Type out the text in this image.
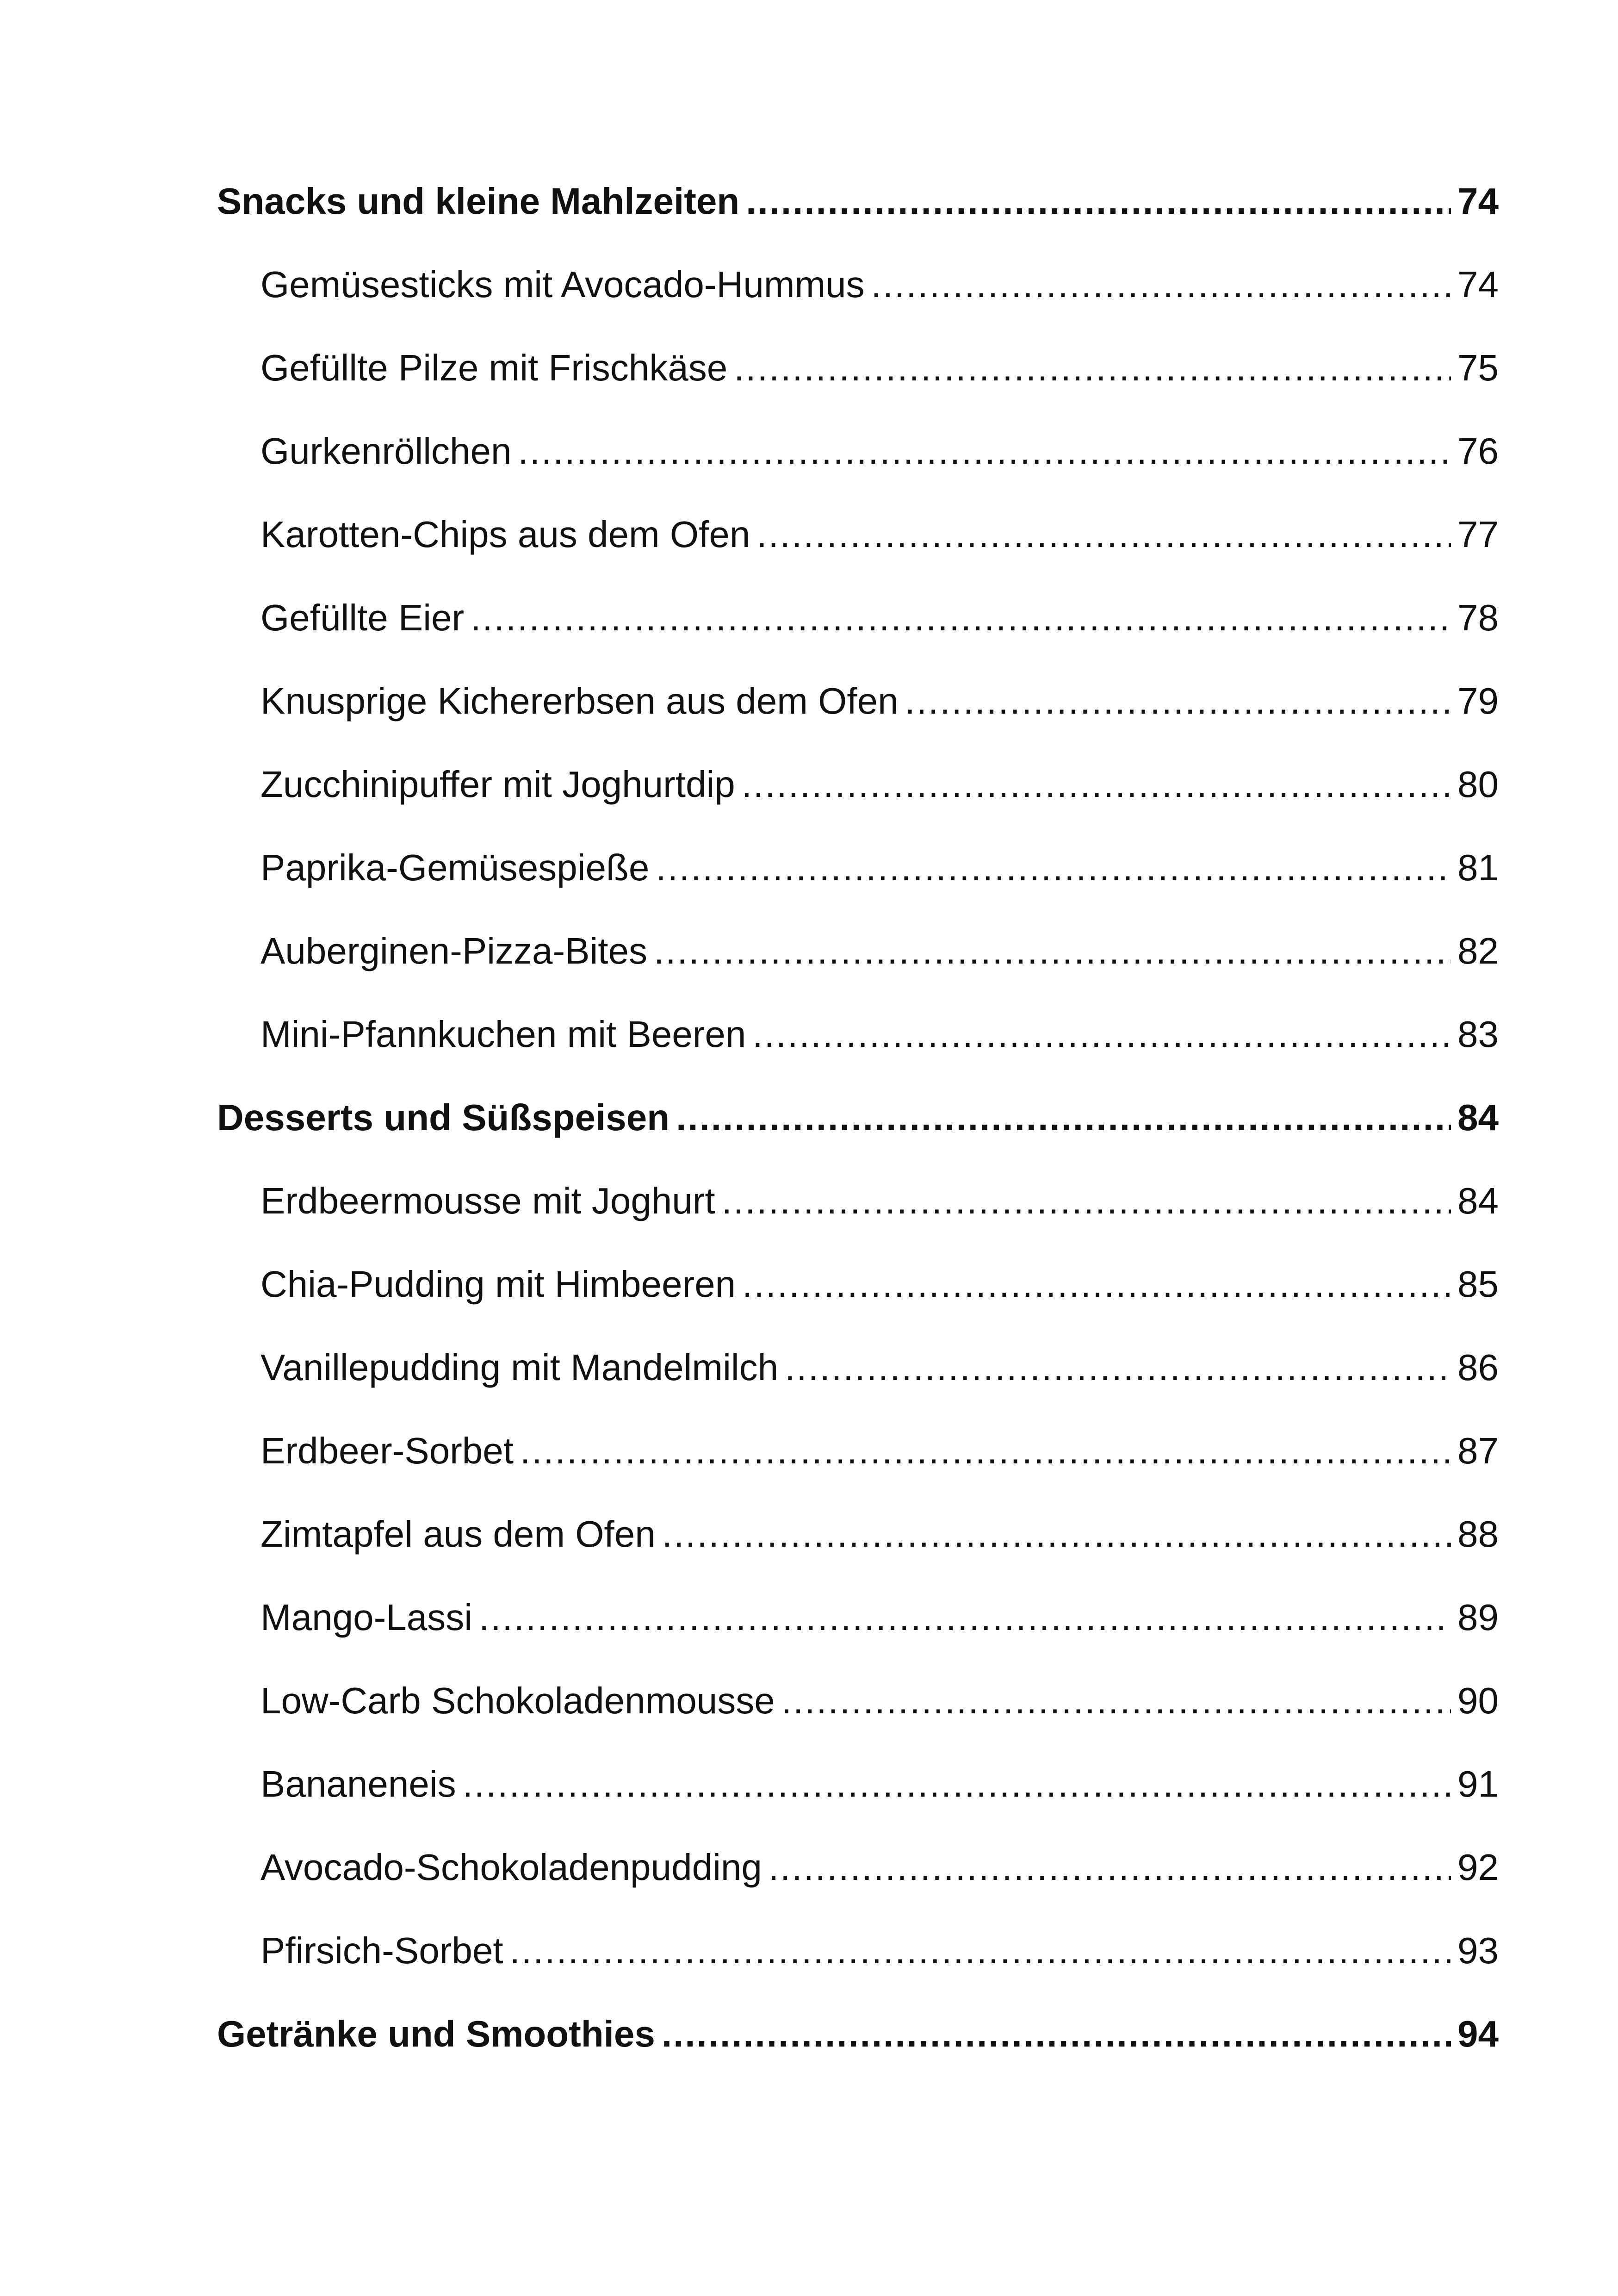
Snacks und kleine Mahlzeiten .....	74
Gemüsesticks mit Avocado-Hummus .....	74
Gefüllte Pilze mit Frischkäse .....	75
Gurkenröllchen .....	76
Karotten-Chips aus dem Ofen .....	77
Gefüllte Eier .....	78
Knusprige Kichererbsen aus dem Ofen .....	79
Zucchinipuffer mit Joghurtdip .....	80
Paprika-Gemüsespieße .....	81
Auberginen-Pizza-Bites .....	82
Mini-Pfannkuchen mit Beeren .....	83
Desserts und Süßspeisen .....	84
Erdbeermousse mit Joghurt .....	84
Chia-Pudding mit Himbeeren .....	85
Vanillepudding mit Mandelmilch .....	86
Erdbeer-Sorbet .....	87
Zimtapfel aus dem Ofen .....	88
Mango-Lassi .....	89
Low-Carb Schokoladenmousse .....	90
Bananeneis .....	91
Avocado-Schokoladenpudding .....	92
Pfirsich-Sorbet .....	93
Getränke und Smoothies .....	94
